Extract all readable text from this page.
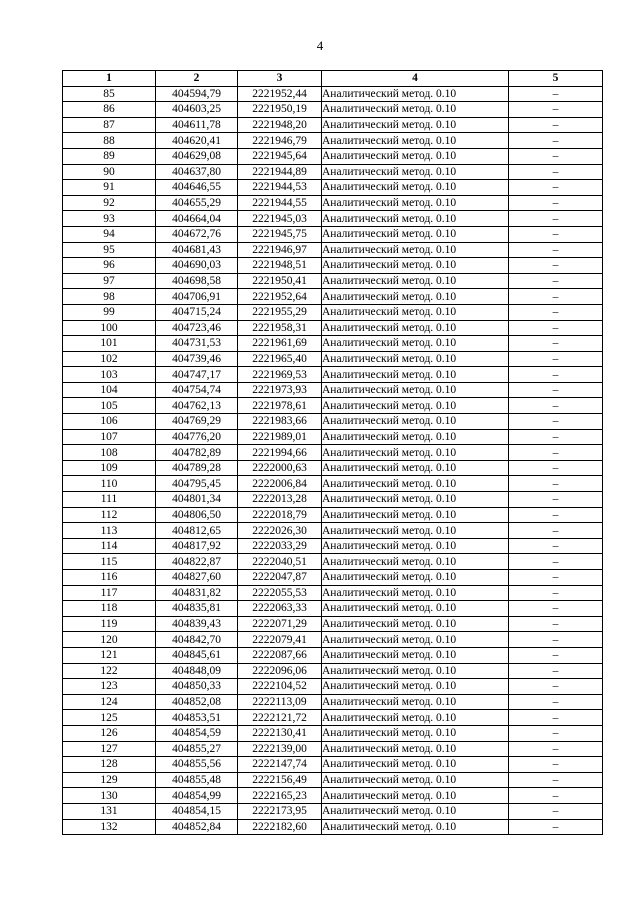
4
1	2	3	4	5
85	404594,79	2221952,44	Аналитический метод. 0.10	–
86	404603,25	2221950,19	Аналитический метод. 0.10	–
87	404611,78	2221948,20	Аналитический метод. 0.10	–
88	404620,41	2221946,79	Аналитический метод. 0.10	–
89	404629,08	2221945,64	Аналитический метод. 0.10	–
90	404637,80	2221944,89	Аналитический метод. 0.10	–
91	404646,55	2221944,53	Аналитический метод. 0.10	–
92	404655,29	2221944,55	Аналитический метод. 0.10	–
93	404664,04	2221945,03	Аналитический метод. 0.10	–
94	404672,76	2221945,75	Аналитический метод. 0.10	–
95	404681,43	2221946,97	Аналитический метод. 0.10	–
96	404690,03	2221948,51	Аналитический метод. 0.10	–
97	404698,58	2221950,41	Аналитический метод. 0.10	–
98	404706,91	2221952,64	Аналитический метод. 0.10	–
99	404715,24	2221955,29	Аналитический метод. 0.10	–
100	404723,46	2221958,31	Аналитический метод. 0.10	–
101	404731,53	2221961,69	Аналитический метод. 0.10	–
102	404739,46	2221965,40	Аналитический метод. 0.10	–
103	404747,17	2221969,53	Аналитический метод. 0.10	–
104	404754,74	2221973,93	Аналитический метод. 0.10	–
105	404762,13	2221978,61	Аналитический метод. 0.10	–
106	404769,29	2221983,66	Аналитический метод. 0.10	–
107	404776,20	2221989,01	Аналитический метод. 0.10	–
108	404782,89	2221994,66	Аналитический метод. 0.10	–
109	404789,28	2222000,63	Аналитический метод. 0.10	–
110	404795,45	2222006,84	Аналитический метод. 0.10	–
111	404801,34	2222013,28	Аналитический метод. 0.10	–
112	404806,50	2222018,79	Аналитический метод. 0.10	–
113	404812,65	2222026,30	Аналитический метод. 0.10	–
114	404817,92	2222033,29	Аналитический метод. 0.10	–
115	404822,87	2222040,51	Аналитический метод. 0.10	–
116	404827,60	2222047,87	Аналитический метод. 0.10	–
117	404831,82	2222055,53	Аналитический метод. 0.10	–
118	404835,81	2222063,33	Аналитический метод. 0.10	–
119	404839,43	2222071,29	Аналитический метод. 0.10	–
120	404842,70	2222079,41	Аналитический метод. 0.10	–
121	404845,61	2222087,66	Аналитический метод. 0.10	–
122	404848,09	2222096,06	Аналитический метод. 0.10	–
123	404850,33	2222104,52	Аналитический метод. 0.10	–
124	404852,08	2222113,09	Аналитический метод. 0.10	–
125	404853,51	2222121,72	Аналитический метод. 0.10	–
126	404854,59	2222130,41	Аналитический метод. 0.10	–
127	404855,27	2222139,00	Аналитический метод. 0.10	–
128	404855,56	2222147,74	Аналитический метод. 0.10	–
129	404855,48	2222156,49	Аналитический метод. 0.10	–
130	404854,99	2222165,23	Аналитический метод. 0.10	–
131	404854,15	2222173,95	Аналитический метод. 0.10	–
132	404852,84	2222182,60	Аналитический метод. 0.10	–
